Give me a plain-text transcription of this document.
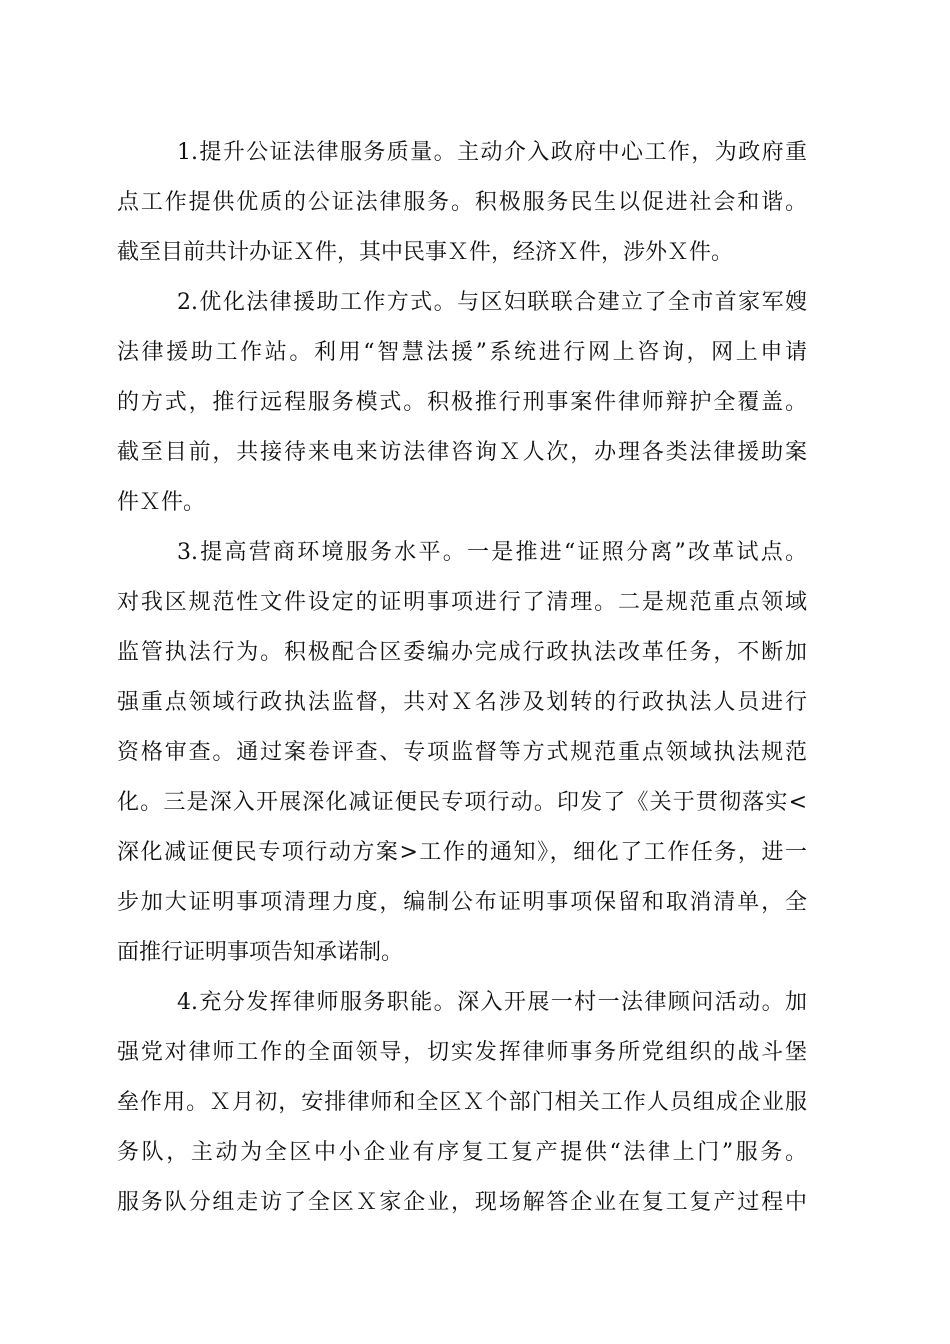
1.提升公证法律服务质量。主动介入政府中心工作，为政府重
点工作提供优质的公证法律服务。积极服务民生以促进社会和谐。
截至目前共计办证Ｘ件，其中民事Ｘ件，经济Ｘ件，涉外Ｘ件。
2.优化法律援助工作方式。与区妇联联合建立了全市首家军嫂
法律援助工作站。利用“智慧法援”系统进行网上咨询，网上申请
的方式，推行远程服务模式。积极推行刑事案件律师辩护全覆盖。
截至目前，共接待来电来访法律咨询Ｘ人次，办理各类法律援助案
件Ｘ件。
3.提高营商环境服务水平。一是推进“证照分离”改革试点。
对我区规范性文件设定的证明事项进行了清理。二是规范重点领域
监管执法行为。积极配合区委编办完成行政执法改革任务，不断加
强重点领域行政执法监督，共对Ｘ名涉及划转的行政执法人员进行
资格审查。通过案卷评查、专项监督等方式规范重点领域执法规范
化。三是深入开展深化减证便民专项行动。印发了《关于贯彻落实<
深化减证便民专项行动方案>工作的通知》，细化了工作任务，进一
步加大证明事项清理力度，编制公布证明事项保留和取消清单，全
面推行证明事项告知承诺制。
4.充分发挥律师服务职能。深入开展一村一法律顾问活动。加
强党对律师工作的全面领导，切实发挥律师事务所党组织的战斗堡
垒作用。Ｘ月初，安排律师和全区Ｘ个部门相关工作人员组成企业服
务队，主动为全区中小企业有序复工复产提供“法律上门”服务。
服务队分组走访了全区Ｘ家企业，现场解答企业在复工复产过程中
